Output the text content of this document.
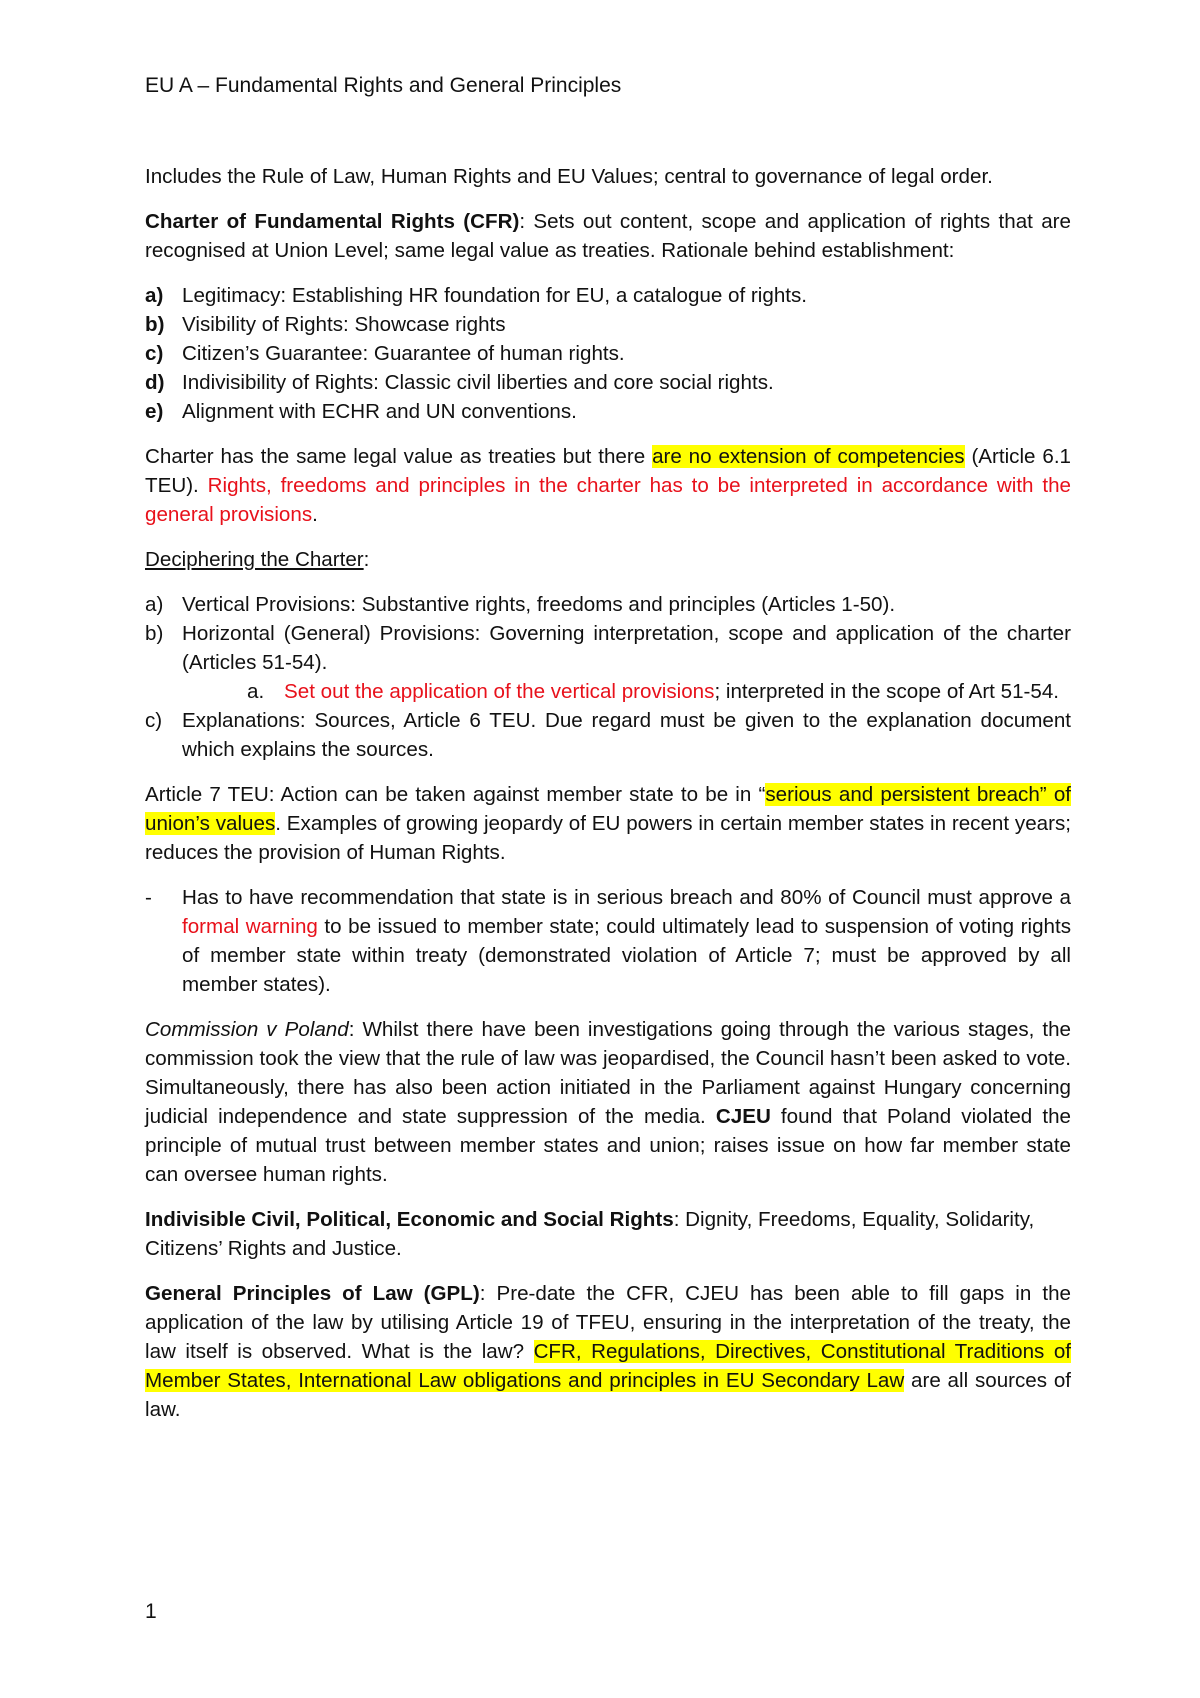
EU A – Fundamental Rights and General Principles

Includes the Rule of Law, Human Rights and EU Values; central to governance of legal order.

Charter of Fundamental Rights (CFR): Sets out content, scope and application of rights that are recognised at Union Level; same legal value as treaties. Rationale behind establishment:

a) Legitimacy: Establishing HR foundation for EU, a catalogue of rights.
b) Visibility of Rights: Showcase rights
c) Citizen’s Guarantee: Guarantee of human rights.
d) Indivisibility of Rights: Classic civil liberties and core social rights.
e) Alignment with ECHR and UN conventions.

Charter has the same legal value as treaties but there are no extension of competencies (Article 6.1 TEU). Rights, freedoms and principles in the charter has to be interpreted in accordance with the general provisions.

Deciphering the Charter:

a) Vertical Provisions: Substantive rights, freedoms and principles (Articles 1-50).
b) Horizontal (General) Provisions: Governing interpretation, scope and application of the charter (Articles 51-54).
a. Set out the application of the vertical provisions; interpreted in the scope of Art 51-54.
c) Explanations: Sources, Article 6 TEU. Due regard must be given to the explanation document which explains the sources.

Article 7 TEU: Action can be taken against member state to be in “serious and persistent breach” of union’s values. Examples of growing jeopardy of EU powers in certain member states in recent years; reduces the provision of Human Rights.

- Has to have recommendation that state is in serious breach and 80% of Council must approve a formal warning to be issued to member state; could ultimately lead to suspension of voting rights of member state within treaty (demonstrated violation of Article 7; must be approved by all member states).

Commission v Poland: Whilst there have been investigations going through the various stages, the commission took the view that the rule of law was jeopardised, the Council hasn’t been asked to vote. Simultaneously, there has also been action initiated in the Parliament against Hungary concerning judicial independence and state suppression of the media. CJEU found that Poland violated the principle of mutual trust between member states and union; raises issue on how far member state can oversee human rights.

Indivisible Civil, Political, Economic and Social Rights: Dignity, Freedoms, Equality, Solidarity, Citizens’ Rights and Justice.

General Principles of Law (GPL): Pre-date the CFR, CJEU has been able to fill gaps in the application of the law by utilising Article 19 of TFEU, ensuring in the interpretation of the treaty, the law itself is observed. What is the law? CFR, Regulations, Directives, Constitutional Traditions of Member States, International Law obligations and principles in EU Secondary Law are all sources of law.

1
